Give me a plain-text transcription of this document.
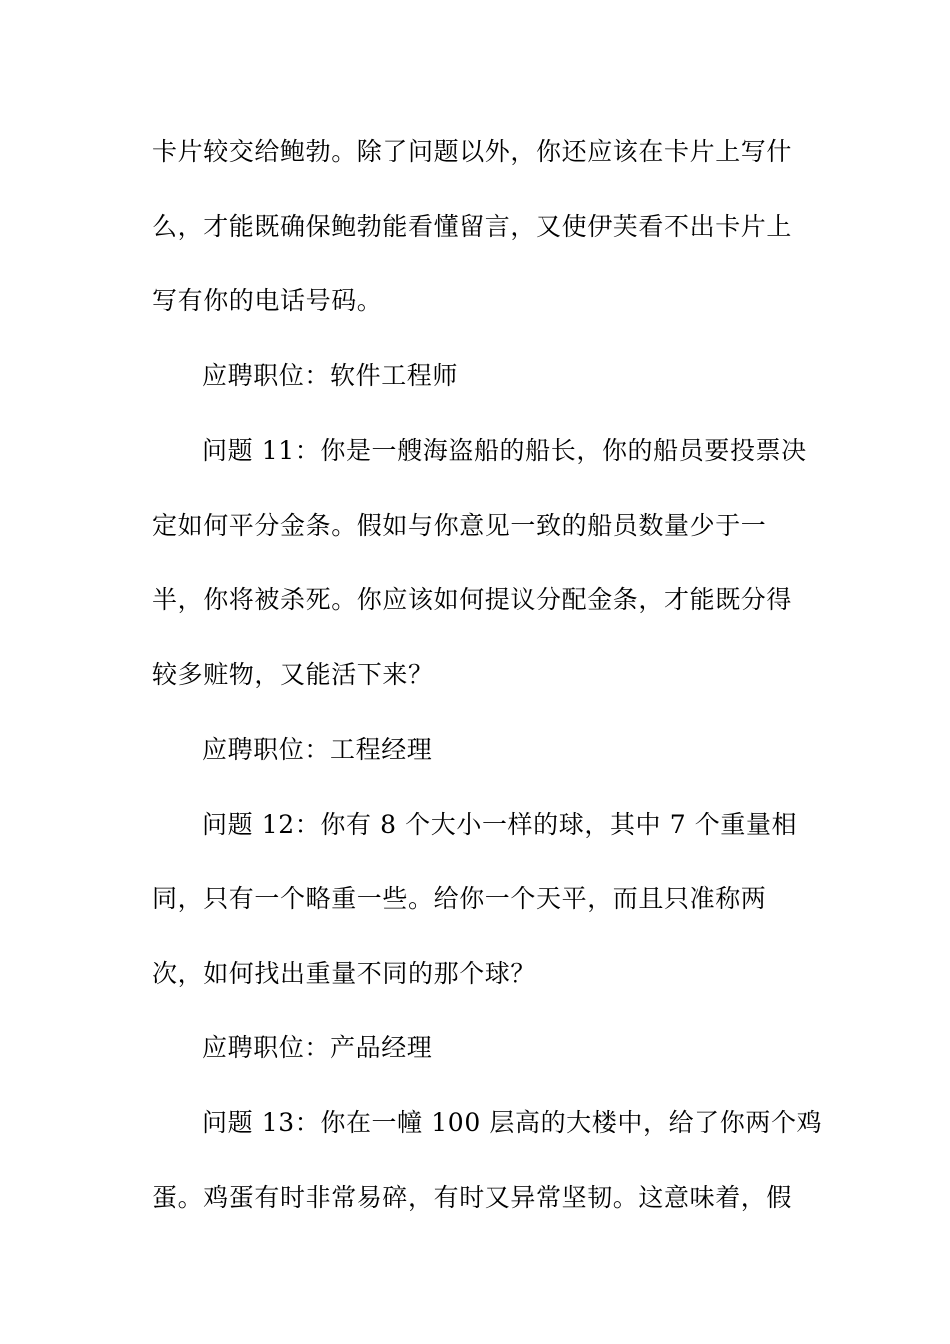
卡片较交给鲍勃。除了问题以外，你还应该在卡片上写什
么，才能既确保鲍勃能看懂留言，又使伊芙看不出卡片上
写有你的电话号码。
应聘职位：软件工程师
问题 11：你是一艘海盗船的船长，你的船员要投票决
定如何平分金条。假如与你意见一致的船员数量少于一
半，你将被杀死。你应该如何提议分配金条，才能既分得
较多赃物，又能活下来？
应聘职位：工程经理
问题 12：你有 8 个大小一样的球，其中 7 个重量相
同，只有一个略重一些。给你一个天平，而且只准称两
次，如何找出重量不同的那个球？
应聘职位：产品经理
问题 13：你在一幢 100 层高的大楼中，给了你两个鸡
蛋。鸡蛋有时非常易碎，有时又异常坚韧。这意味着，假
